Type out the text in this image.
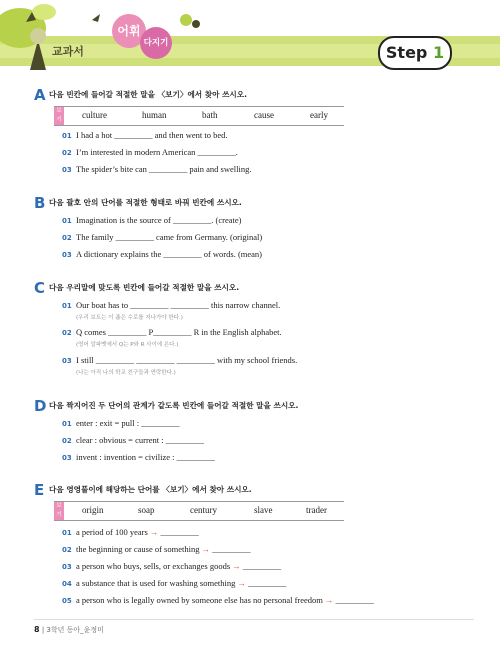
교과서
어휘
다지기	Step 1
A 다음 빈칸에 들어갈 적절한 말을 〈보기〉에서 찾아 쓰시오.
보기 culture	human	bath	cause	early
01 I had a hot _________ and then went to bed.
02 I’m interested in modern American _________.
03 The spider’s bite can _________ pain and swelling.
B 다음 괄호 안의 단어를 적절한 형태로 바꿔 빈칸에 쓰시오.
01 Imagination is the source of _________. (create)
02 The family _________ came from Germany. (original)
03 A dictionary explains the _________ of words. (mean)
C 다음 우리말에 맞도록 빈칸에 들어갈 적절한 말을 쓰시오.
01 Our boat has to _________ _________ this narrow channel.
(우리 보트는 이 좁은 수로를 지나가야 한다.)
02 Q comes _________ P_________ R in the English alphabet.
(영어 알파벳에서 Q는 P와 R 사이에 온다.)
03 I still _________ _________ _________ with my school friends.
(나는 아직 나의 학교 친구들과 연락한다.)
D 다음 짝지어진 두 단어의 관계가 같도록 빈칸에 들어갈 적절한 말을 쓰시오.
01 enter : exit = pull : _________
02 clear : obvious = current : _________
03 invent : invention = civilize : _________
E 다음 영영풀이에 해당하는 단어를 〈보기〉에서 찾아 쓰시오.
보기 origin	soap	century	slave	trader
01 a period of 100 years → _________
02 the beginning or cause of something → _________
03 a person who buys, sells, or exchanges goods → _________
04 a substance that is used for washing something → _________
05 a person who is legally owned by someone else has no personal freedom → _________
8 | 3학년 동아_윤정미
